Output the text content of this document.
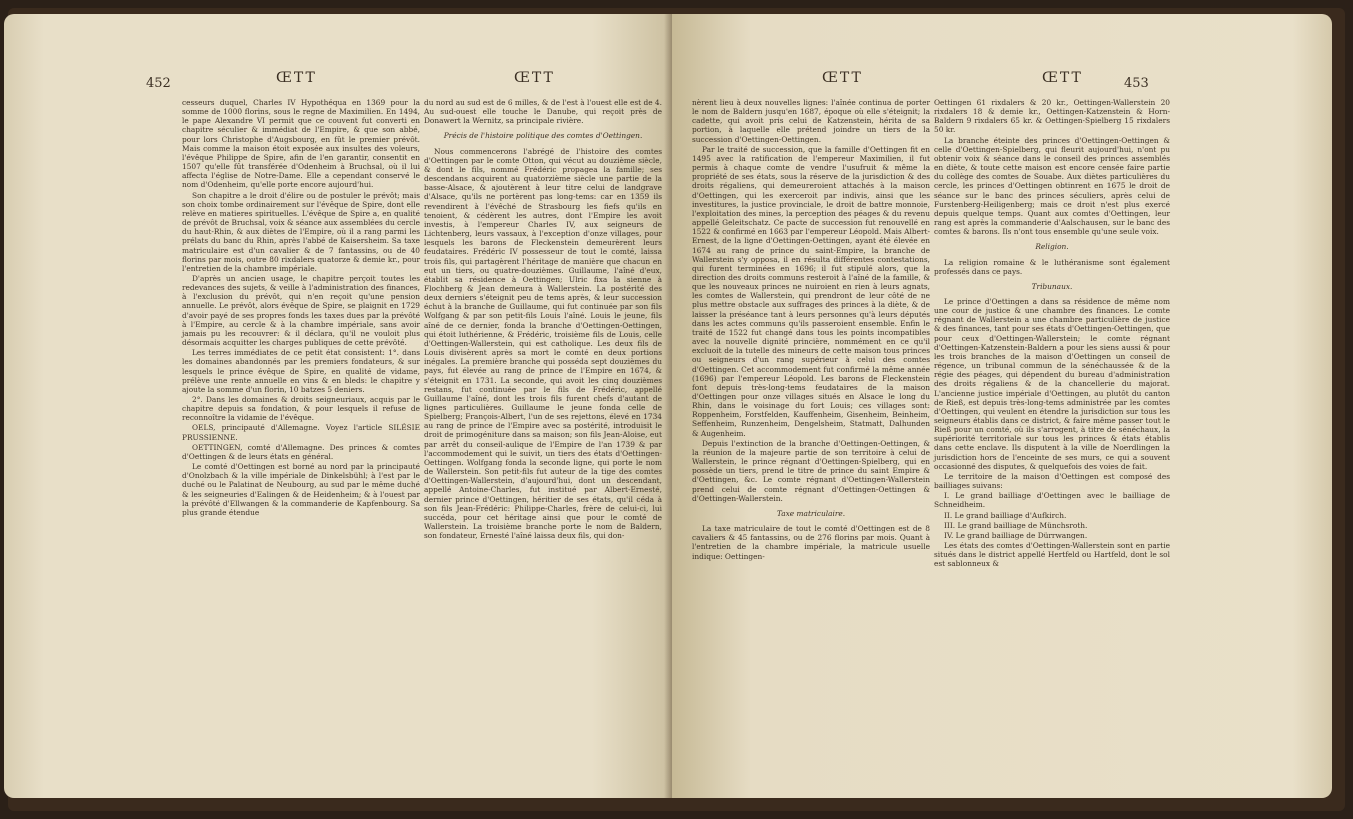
452	ŒTT	ŒTT

cesseurs duquel, Charles IV Hypothéqua en 1369 pour la somme de 1000 florins, sous le regne de Maximilien. En 1494, le pape Alexandre VI permit que ce couvent fut converti en chapitre séculier & immédiat de l'Empire, & que son abbé, pour lors Christophe d'Augsbourg, en fût le premier prévôt. Mais comme la maison étoit exposée aux insultes des voleurs, l'évêque Philippe de Spire, afin de l'en garantir, consentit en 1507 qu'elle fût transférée d'Odenheim à Bruchsal, où il lui affecta l'église de Notre-Dame. Elle a cependant conservé le nom d'Odenheim, qu'elle porte encore aujourd'hui.

Son chapitre a le droit d'élire ou de postuler le prévôt; mais son choix tombe ordinairement sur l'évêque de Spire, dont elle relève en matieres spirituelles. L'évêque de Spire a, en qualité de prévôt de Bruchsal, voix & séance aux assemblées du cercle du haut-Rhin, & aux diètes de l'Empire, où il a rang parmi les prélats du banc du Rhin, après l'abbé de Kaisersheim. Sa taxe matriculaire est d'un cavalier & de 7 fantassins, ou de 40 florins par mois, outre 80 rixdalers quatorze & demie kr., pour l'entretien de la chambre impériale.

D'après un ancien usage, le chapitre perçoit toutes les redevances des sujets, & veille à l'administration des finances, à l'exclusion du prévôt, qui n'en reçoit qu'une pension annuelle. Le prévôt, alors évêque de Spire, se plaignit en 1729 d'avoir payé de ses propres fonds les taxes dues par la prévôté à l'Empire, au cercle & à la chambre impériale, sans avoir jamais pu les recouvrer: & il déclara, qu'il ne vouloit plus désormais acquitter les charges publiques de cette prévôté.

Les terres immédiates de ce petit état consistent: 1°. dans les domaines abandonnés par les premiers fondateurs, & sur lesquels le prince évêque de Spire, en qualité de vidame, prélève une rente annuelle en vins & en bleds: le chapitre y ajoute la somme d'un florin, 10 batzes 5 deniers.

2°. Dans les domaines & droits seigneuriaux, acquis par le chapitre depuis sa fondation, & pour lesquels il refuse de reconnoître la vidamie de l'évêque.

OELS, principauté d'Allemagne. Voyez l'article SILÉSIE PRUSSIENNE.

OETTINGEN, comté d'Allemagne. Des princes & comtes d'Oettingen & de leurs états en général.

Le comté d'Oettingen est borné au nord par la principauté d'Onolzbach & la ville impériale de Dinkelsbühl; à l'est par le duché ou le Palatinat de Neubourg, au sud par le même duché & les seigneuries d'Ealingen & de Heidenheim; & à l'ouest par la prévôté d'Ellwangen & la commanderie de Kapfenbourg. Sa plus grande étendue

du nord au sud est de 6 milles, & de l'est à l'ouest elle est de 4. Au sud-ouest elle touche le Danube, qui reçoit près de Donawert la Wernitz, sa principale rivière.

Précis de l'histoire politique des comtes d'Oettingen.

Nous commencerons l'abrégé de l'histoire des comtes d'Oettingen par le comte Otton, qui vécut au douzième siècle, & dont le fils, nommé Frédéric propagea la famille; ses descendans acquirent au quatorzième siècle une partie de la basse-Alsace, & ajoutèrent à leur titre celui de landgrave d'Alsace, qu'ils ne portèrent pas long-tems: car en 1359 ils revendirent à l'évêché de Strasbourg les fiefs qu'ils en tenoient, & cédèrent les autres, dont l'Empire les avoit investis, à l'empereur Charles IV, aux seigneurs de Lichtenberg, leurs vassaux, à l'exception d'onze villages, pour lesquels les barons de Fleckenstein demeurèrent leurs feudataires. Frédéric IV possesseur de tout le comté, laissa trois fils, qui partagèrent l'héritage de manière que chacun en eut un tiers, ou quatre-douzièmes. Guillaume, l'aîné d'eux, établit sa résidence à Oettingen; Ulric fixa la sienne à Flochberg & Jean demeura à Wallerstein. La postérité des deux derniers s'éteignit peu de tems après, & leur succession échut à la branche de Guillaume, qui fut continuée par son fils Wolfgang & par son petit-fils Louis l'aîné. Louis le jeune, fils aîné de ce dernier, fonda la branche d'Oettingen-Oettingen, qui étoit luthérienne, & Frédéric, troisième fils de Louis, celle d'Oettingen-Wallerstein, qui est catholique. Les deux fils de Louis divisèrent après sa mort le comté en deux portions inégales. La première branche qui posséda sept douzièmes du pays, fut élevée au rang de prince de l'Empire en 1674, & s'éteignit en 1731. La seconde, qui avoit les cinq douzièmes restans, fut continuée par le fils de Frédéric, appellé Guillaume l'aîné, dont les trois fils furent chefs d'autant de lignes particulières. Guillaume le jeune fonda celle de Spielberg; François-Albert, l'un de ses rejettons, élevé en 1734 au rang de prince de l'Empire avec sa postérité, introduisit le droit de primogéniture dans sa maison; son fils Jean-Aloise, eut par arrêt du conseil-aulique de l'Empire de l'an 1739 & par l'accommodement qui le suivit, un tiers des états d'Oettingen-Oettingen. Wolfgang fonda la seconde ligne, qui porte le nom de Wallerstein. Son petit-fils fut auteur de la tige des comtes d'Oettingen-Wallerstein, d'aujourd'hui, dont un descendant, appellé Antoine-Charles, fut institué par Albert-Ernesté, dernier prince d'Oettingen, héritier de ses états, qu'il céda à son fils Jean-Frédéric: Philippe-Charles, frère de celui-ci, lui succéda, pour cet héritage ainsi que pour le comté de Wallerstein. La troisième branche porte le nom de Baldern, son fondateur, Ernesté l'aîné laissa deux fils, qui don-

ŒTT	ŒTT	453

nèrent lieu à deux nouvelles lignes: l'aînée continua de porter le nom de Baldern jusqu'en 1687, époque où elle s'éteignit; la cadette, qui avoit pris celui de Katzenstein, hérita de sa portion, à laquelle elle prétend joindre un tiers de la succession d'Oettingen-Oettingen.

Par le traité de succession, que la famille d'Oettingen fit en 1495 avec la ratification de l'empereur Maximilien, il fut permis à chaque comte de vendre l'usufruit & même la propriété de ses états, sous la réserve de la jurisdiction & des droits régaliens, qui demeureroient attachés à la maison d'Oettingen, qui les exerceroit par indivis, ainsi que les investitures, la justice provinciale, le droit de battre monnoie, l'exploitation des mines, la perception des péages & du revenu appellé Geleitschatz. Ce pacte de succession fut renouvellé en 1522 & confirmé en 1663 par l'empereur Léopold. Mais Albert-Ernest, de la ligne d'Oettingen-Oettingen, ayant été élevée en 1674 au rang de prince du saint-Empire, la branche de Wallerstein s'y opposa, il en résulta différentes contestations, qui furent terminées en 1696; il fut stipulé alors, que la direction des droits communs resteroit à l'aîné de la famille, & que les nouveaux princes ne nuiroient en rien à leurs agnats, les comtes de Wallerstein, qui prendront de leur côté de ne plus mettre obstacle aux suffrages des princes à la diète, & de laisser la préséance tant à leurs personnes qu'à leurs députés dans les actes communs qu'ils passeroient ensemble. Enfin le traité de 1522 fut changé dans tous les points incompatibles avec la nouvelle dignité princière, nommément en ce qu'il excluoit de la tutelle des mineurs de cette maison tous princes ou seigneurs d'un rang supérieur à celui des comtes d'Oettingen. Cet accommodement fut confirmé la même année (1696) par l'empereur Léopold. Les barons de Fleckenstein font depuis très-long-tems feudataires de la maison d'Oettingen pour onze villages situés en Alsace le long du Rhin, dans le voisinage du fort Louis; ces villages sont: Roppenheim, Forstfelden, Kauffenheim, Gisenheim, Beinheim, Seffenheim, Runzenheim, Dengelsheim, Statmatt, Dalhunden & Augenheim.

Depuis l'extinction de la branche d'Oettingen-Oettingen, & la réunion de la majeure partie de son territoire à celui de Wallerstein, le prince régnant d'Oettingen-Spielberg, qui en possède un tiers, prend le titre de prince du saint Empire & d'Oettingen, &c. Le comte régnant d'Oettingen-Wallerstein prend celui de comte régnant d'Oettingen-Oettingen & d'Oettingen-Wallerstein.

Taxe matriculaire.

La taxe matriculaire de tout le comté d'Oettingen est de 8 cavaliers & 45 fantassins, ou de 276 florins par mois. Quant à l'entretien de la chambre impériale, la matricule usuelle indique: Oettingen-

Oettingen 61 rixdalers & 20 kr., Oettingen-Wallerstein 20 rixdalers 18 & demie kr., Oettingen-Katzenstein & Horn-Baldern 9 rixdalers 65 kr. & Oettingen-Spielberg 15 rixdalers 50 kr.

La branche éteinte des princes d'Oettingen-Oettingen & celle d'Oettingen-Spielberg, qui fleurit aujourd'hui, n'ont pu obtenir voix & séance dans le conseil des princes assemblés en diète, & toute cette maison est encore censée faire partie du collège des comtes de Souabe. Aux diètes particulières du cercle, les princes d'Oettingen obtinrent en 1675 le droit de séance sur le banc des princes séculiers, après celui de Furstenberg-Heiligenberg; mais ce droit n'est plus exercé depuis quelque temps. Quant aux comtes d'Oettingen, leur rang est après la commanderie d'Aalschausen, sur le banc des comtes & barons. Ils n'ont tous ensemble qu'une seule voix.

Religion.

La religion romaine & le luthéranisme sont également professés dans ce pays.

Tribunaux.

Le prince d'Oettingen a dans sa résidence de même nom une cour de justice & une chambre des finances. Le comte régnant de Wallerstein a une chambre particulière de justice & des finances, tant pour ses états d'Oettingen-Oettingen, que pour ceux d'Oettingen-Wallerstein; le comte régnant d'Oettingen-Katzenstein-Baldern a pour les siens aussi & pour les trois branches de la maison d'Oettingen un conseil de régence, un tribunal commun de la sénéchaussée & de la régie des péages, qui dépendent du bureau d'administration des droits régaliens & de la chancellerie du majorat. L'ancienne justice impériale d'Oettingen, au plutôt du canton de Rieß, est depuis très-long-tems administrée par les comtes d'Oettingen, qui veulent en étendre la jurisdiction sur tous les seigneurs établis dans ce district, & faire même passer tout le Rieß pour un comté, où ils s'arrogent, à titre de sénéchaux, la supériorité territoriale sur tous les princes & états établis dans cette enclave. Ils disputent à la ville de Noerdlingen la jurisdiction hors de l'enceinte de ses murs, ce qui a souvent occasionné des disputes, & quelquefois des voies de fait.

Le territoire de la maison d'Oettingen est composé des bailliages suivans:

I. Le grand bailliage d'Oettingen avec le bailliage de Schneidheim.

II. Le grand bailliage d'Aufkirch.

III. Le grand bailliage de Münchsroth.

IV. Le grand bailliage de Dürrwangen.

Les états des comtes d'Oettingen-Wallerstein sont en partie situés dans le district appellé Hertfeld ou Hartfeld, dont le sol est sablonneux &
